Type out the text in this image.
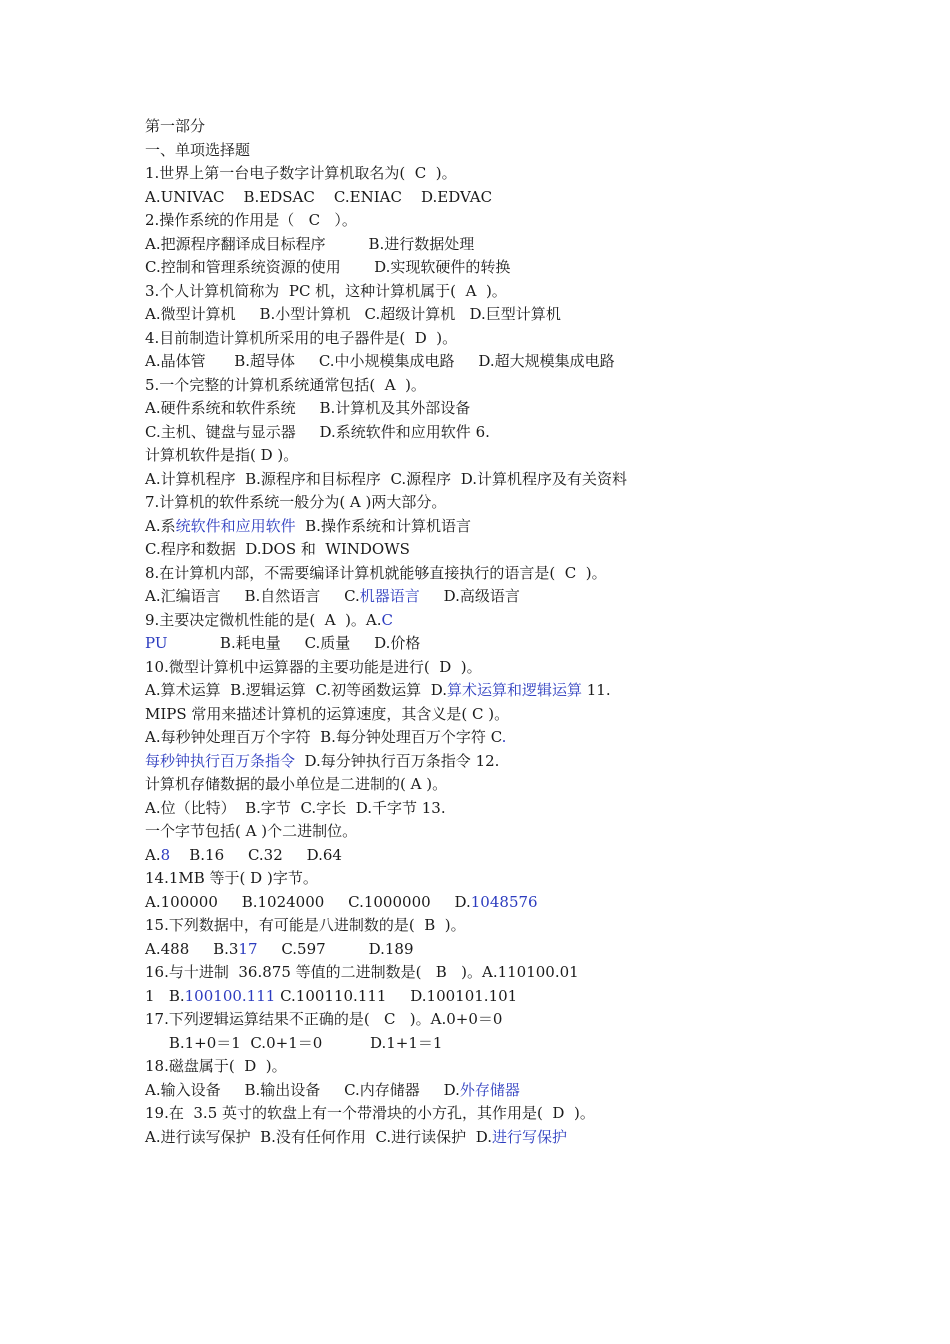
第一部分
一、单项选择题
1.世界上第一台电子数字计算机取名为(  C  )。
A.UNIVAC    B.EDSAC    C.ENIAC    D.EDVAC
2.操作系统的作用是（   C   ）。
A.把源程序翻译成目标程序         B.进行数据处理
C.控制和管理系统资源的使用       D.实现软硬件的转换
3.个人计算机简称为  PC 机，这种计算机属于(  A  )。
A.微型计算机     B.小型计算机   C.超级计算机   D.巨型计算机
4.目前制造计算机所采用的电子器件是(  D  )。
A.晶体管      B.超导体     C.中小规模集成电路     D.超大规模集成电路
5.一个完整的计算机系统通常包括(  A  )。
A.硬件系统和软件系统     B.计算机及其外部设备
C.主机、键盘与显示器     D.系统软件和应用软件 6.
计算机软件是指( D )。
A.计算机程序  B.源程序和目标程序  C.源程序  D.计算机程序及有关资料
7.计算机的软件系统一般分为( A )两大部分。
A.系统软件和应用软件  B.操作系统和计算机语言
C.程序和数据  D.DOS 和  WINDOWS
8.在计算机内部，不需要编译计算机就能够直接执行的语言是(  C  )。
A.汇编语言     B.自然语言     C.机器语言     D.高级语言
9.主要决定微机性能的是(  A  )。A.C
PU           B.耗电量     C.质量     D.价格
10.微型计算机中运算器的主要功能是进行(  D  )。
A.算术运算  B.逻辑运算  C.初等函数运算  D.算术运算和逻辑运算 11.
MIPS 常用来描述计算机的运算速度，其含义是( C )。
A.每秒钟处理百万个字符  B.每分钟处理百万个字符 C.
每秒钟执行百万条指令  D.每分钟执行百万条指令 12.
计算机存储数据的最小单位是二进制的( A )。
A.位（比特）  B.字节  C.字长  D.千字节 13.
一个字节包括( A )个二进制位。
A.8    B.16     C.32     D.64
14.1MB 等于( D )字节。
A.100000     B.1024000     C.1000000     D.1048576
15.下列数据中，有可能是八进制数的是(  B  )。
A.488     B.317     C.597         D.189
16.与十进制  36.875 等值的二进制数是(   B   )。A.110100.01
1   B.100100.111 C.100110.111     D.100101.101
17.下列逻辑运算结果不正确的是(   C   )。A.0+0＝0
B.1+0＝1  C.0+1＝0          D.1+1＝1
18.磁盘属于(  D  )。
A.输入设备     B.输出设备     C.内存储器     D.外存储器
19.在  3.5 英寸的软盘上有一个带滑块的小方孔，其作用是(  D  )。
A.进行读写保护  B.没有任何作用  C.进行读保护  D.进行写保护
